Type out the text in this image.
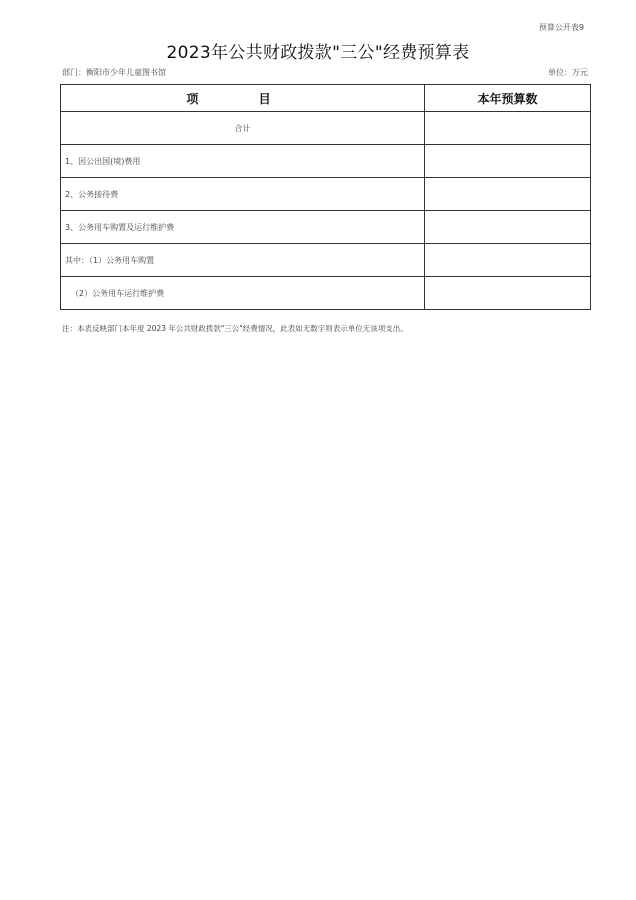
预算公开表9
2023年公共财政拨款"三公"经费预算表
部门：衡阳市少年儿童图书馆	单位：万元
项 目	本年预算数
合计	
1、因公出国(境)费用	
2、公务接待费	
3、公务用车购置及运行维护费	
其中：（1）公务用车购置	
（2）公务用车运行维护费	
注：本表反映部门本年度 2023 年公共财政拨款"三公"经费情况，此表如无数字则表示单位无该项支出。
